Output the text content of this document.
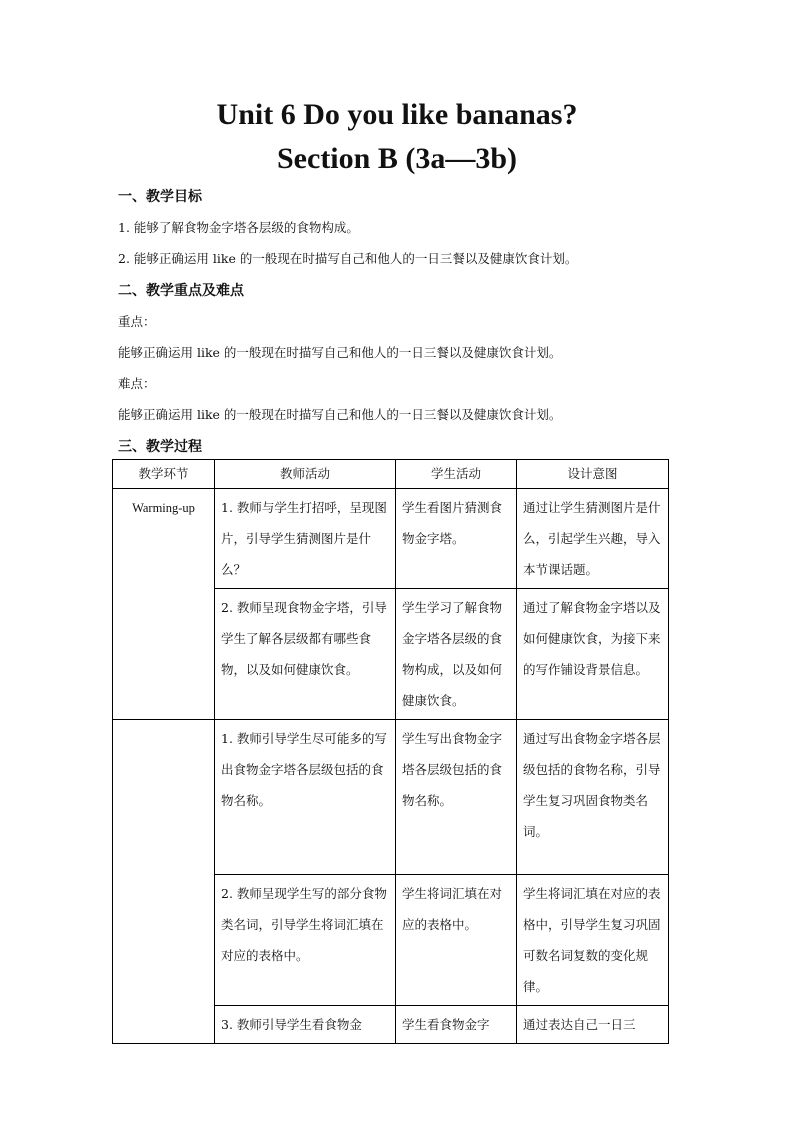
Unit 6 Do you like bananas?
Section B (3a—3b)
一、教学目标
1. 能够了解食物金字塔各层级的食物构成。
2. 能够正确运用 like 的一般现在时描写自己和他人的一日三餐以及健康饮食计划。
二、教学重点及难点
重点：
能够正确运用 like 的一般现在时描写自己和他人的一日三餐以及健康饮食计划。
难点：
能够正确运用 like 的一般现在时描写自己和他人的一日三餐以及健康饮食计划。
三、教学过程
教学环节	教师活动	学生活动	设计意图
Warming-up	1. 教师与学生打招呼，呈现图片，引导学生猜测图片是什么？	学生看图片猜测食物金字塔。	通过让学生猜测图片是什么，引起学生兴趣，导入本节课话题。
	2. 教师呈现食物金字塔，引导学生了解各层级都有哪些食物，以及如何健康饮食。	学生学习了解食物金字塔各层级的食物构成，以及如何健康饮食。	通过了解食物金字塔以及如何健康饮食，为接下来的写作铺设背景信息。
	1. 教师引导学生尽可能多的写出食物金字塔各层级包括的食物名称。	学生写出食物金字塔各层级包括的食物名称。	通过写出食物金字塔各层级包括的食物名称，引导学生复习巩固食物类名词。
	2. 教师呈现学生写的部分食物类名词，引导学生将词汇填在对应的表格中。	学生将词汇填在对应的表格中。	学生将词汇填在对应的表格中，引导学生复习巩固可数名词复数的变化规律。
	3. 教师引导学生看食物金	学生看食物金字	通过表达自己一日三
